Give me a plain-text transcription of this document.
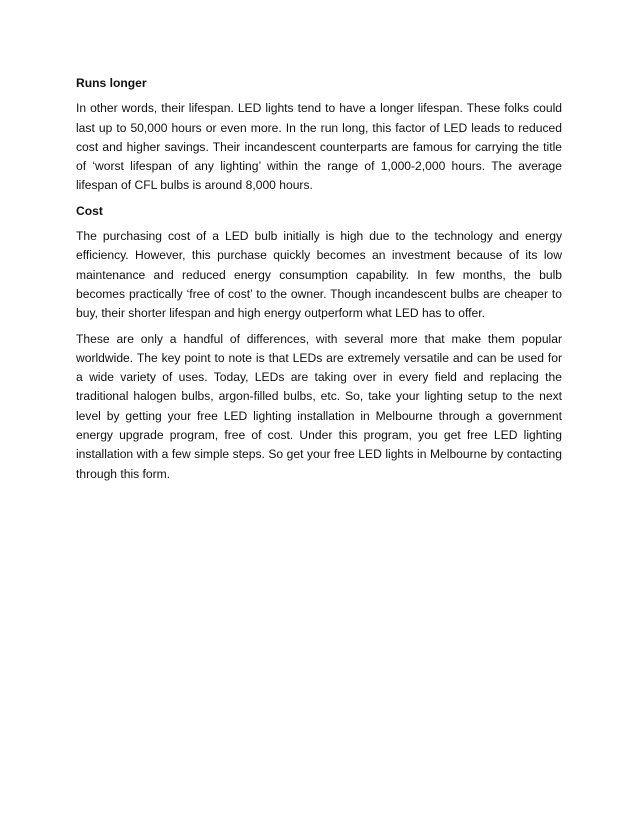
Runs longer

In other words, their lifespan. LED lights tend to have a longer lifespan. These folks could last up to 50,000 hours or even more. In the run long, this factor of LED leads to reduced cost and higher savings. Their incandescent counterparts are famous for carrying the title of ‘worst lifespan of any lighting’ within the range of 1,000-2,000 hours. The average lifespan of CFL bulbs is around 8,000 hours.

Cost

The purchasing cost of a LED bulb initially is high due to the technology and energy efficiency. However, this purchase quickly becomes an investment because of its low maintenance and reduced energy consumption capability. In few months, the bulb becomes practically ‘free of cost’ to the owner. Though incandescent bulbs are cheaper to buy, their shorter lifespan and high energy outperform what LED has to offer.

These are only a handful of differences, with several more that make them popular worldwide. The key point to note is that LEDs are extremely versatile and can be used for a wide variety of uses. Today, LEDs are taking over in every field and replacing the traditional halogen bulbs, argon-filled bulbs, etc. So, take your lighting setup to the next level by getting your free LED lighting installation in Melbourne through a government energy upgrade program, free of cost. Under this program, you get free LED lighting installation with a few simple steps. So get your free LED lights in Melbourne by contacting through this form.
